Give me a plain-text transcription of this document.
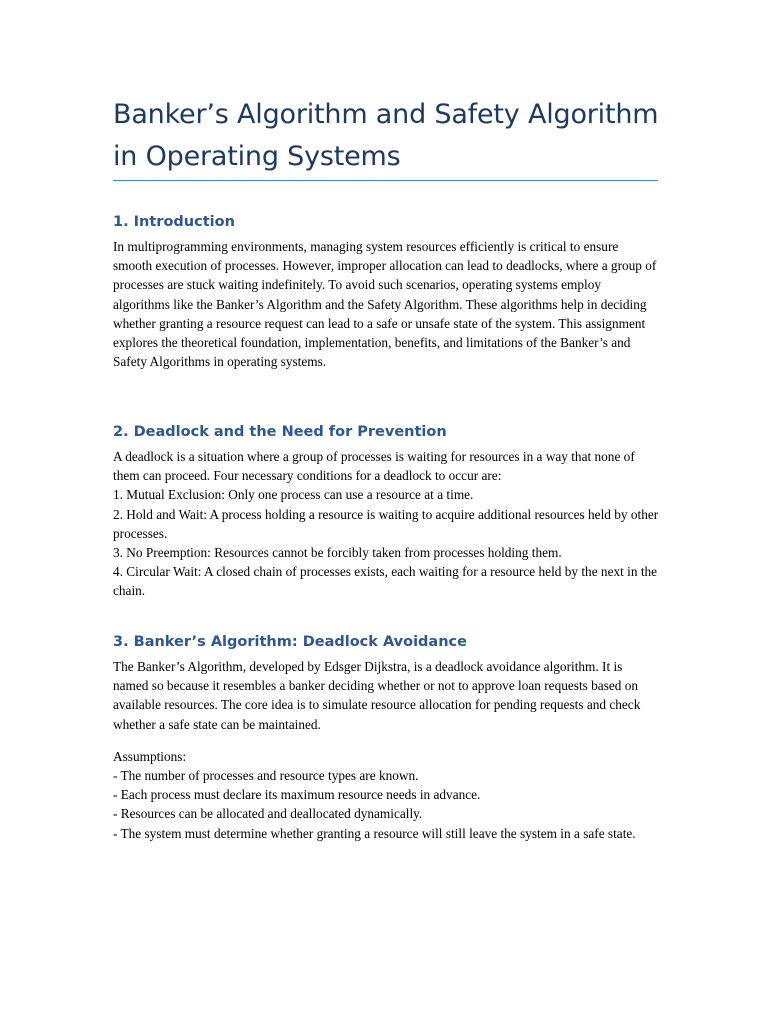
Banker’s Algorithm and Safety Algorithm in Operating Systems
1. Introduction

In multiprogramming environments, managing system resources efficiently is critical to ensure smooth execution of processes. However, improper allocation can lead to deadlocks, where a group of processes are stuck waiting indefinitely. To avoid such scenarios, operating systems employ algorithms like the Banker’s Algorithm and the Safety Algorithm. These algorithms help in deciding whether granting a resource request can lead to a safe or unsafe state of the system. This assignment explores the theoretical foundation, implementation, benefits, and limitations of the Banker’s and Safety Algorithms in operating systems.

2. Deadlock and the Need for Prevention

A deadlock is a situation where a group of processes is waiting for resources in a way that none of them can proceed. Four necessary conditions for a deadlock to occur are:

1. Mutual Exclusion: Only one process can use a resource at a time.
2. Hold and Wait: A process holding a resource is waiting to acquire additional resources held by other processes.
3. No Preemption: Resources cannot be forcibly taken from processes holding them.
4. Circular Wait: A closed chain of processes exists, each waiting for a resource held by the next in the chain.
3. Banker’s Algorithm: Deadlock Avoidance

The Banker’s Algorithm, developed by Edsger Dijkstra, is a deadlock avoidance algorithm. It is named so because it resembles a banker deciding whether or not to approve loan requests based on available resources. The core idea is to simulate resource allocation for pending requests and check whether a safe state can be maintained.

Assumptions:

- The number of processes and resource types are known.
- Each process must declare its maximum resource needs in advance.
- Resources can be allocated and deallocated dynamically.
- The system must determine whether granting a resource will still leave the system in a safe state.
